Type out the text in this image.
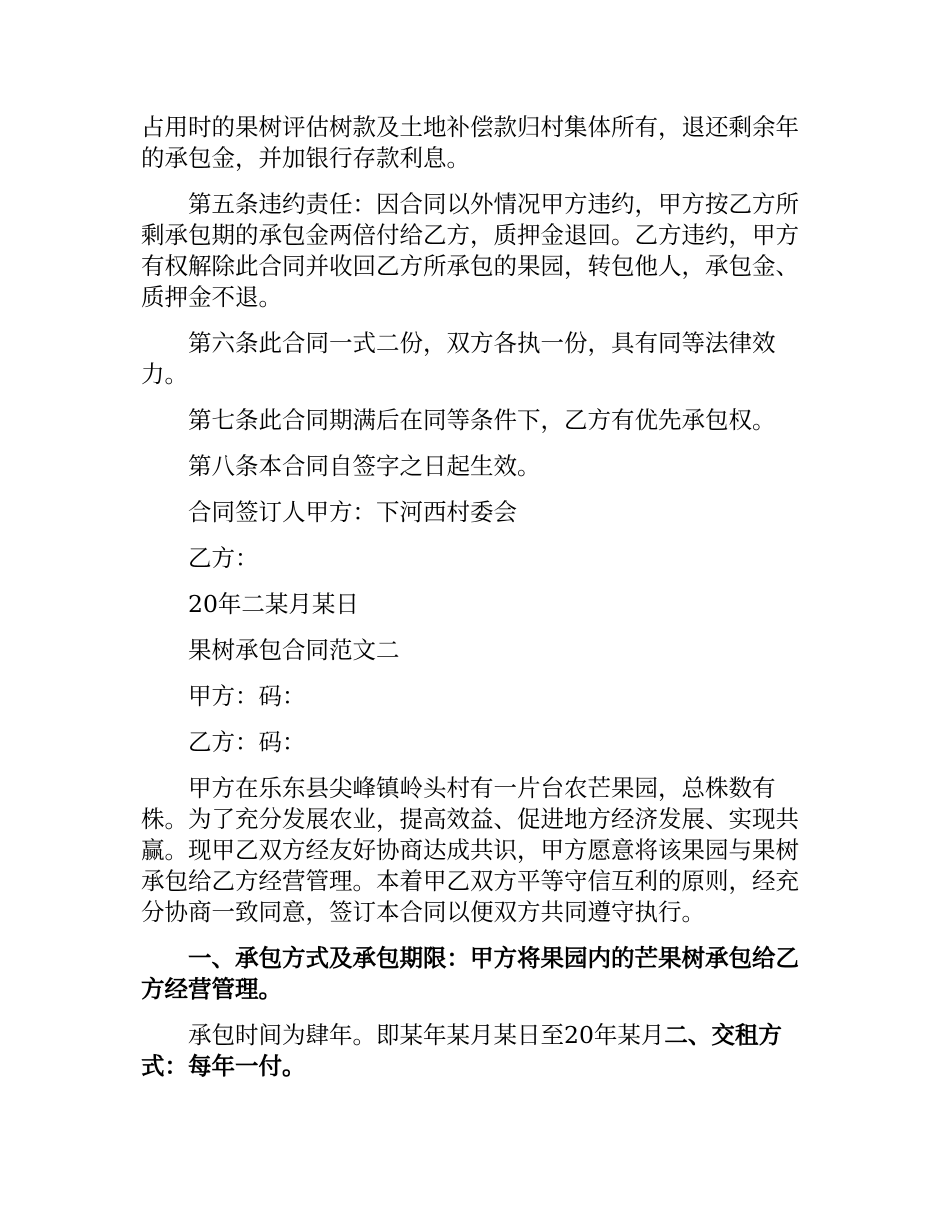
占用时的果树评估树款及土地补偿款归村集体所有，退还剩余年的承包金，并加银行存款利息。

第五条违约责任：因合同以外情况甲方违约，甲方按乙方所剩承包期的承包金两倍付给乙方，质押金退回。乙方违约，甲方有权解除此合同并收回乙方所承包的果园，转包他人，承包金、质押金不退。

第六条此合同一式二份，双方各执一份，具有同等法律效力。

第七条此合同期满后在同等条件下，乙方有优先承包权。

第八条本合同自签字之日起生效。

合同签订人甲方：下河西村委会

乙方：

20年二某月某日

果树承包合同范文二

甲方：码：

乙方：码：

甲方在乐东县尖峰镇岭头村有一片台农芒果园，总株数有株。为了充分发展农业，提高效益、促进地方经济发展、实现共赢。现甲乙双方经友好协商达成共识，甲方愿意将该果园与果树承包给乙方经营管理。本着甲乙双方平等守信互利的原则，经充分协商一致同意，签订本合同以便双方共同遵守执行。

一、承包方式及承包期限：甲方将果园内的芒果树承包给乙方经营管理。

承包时间为肆年。即某年某月某日至20年某月二、交租方式：每年一付。
